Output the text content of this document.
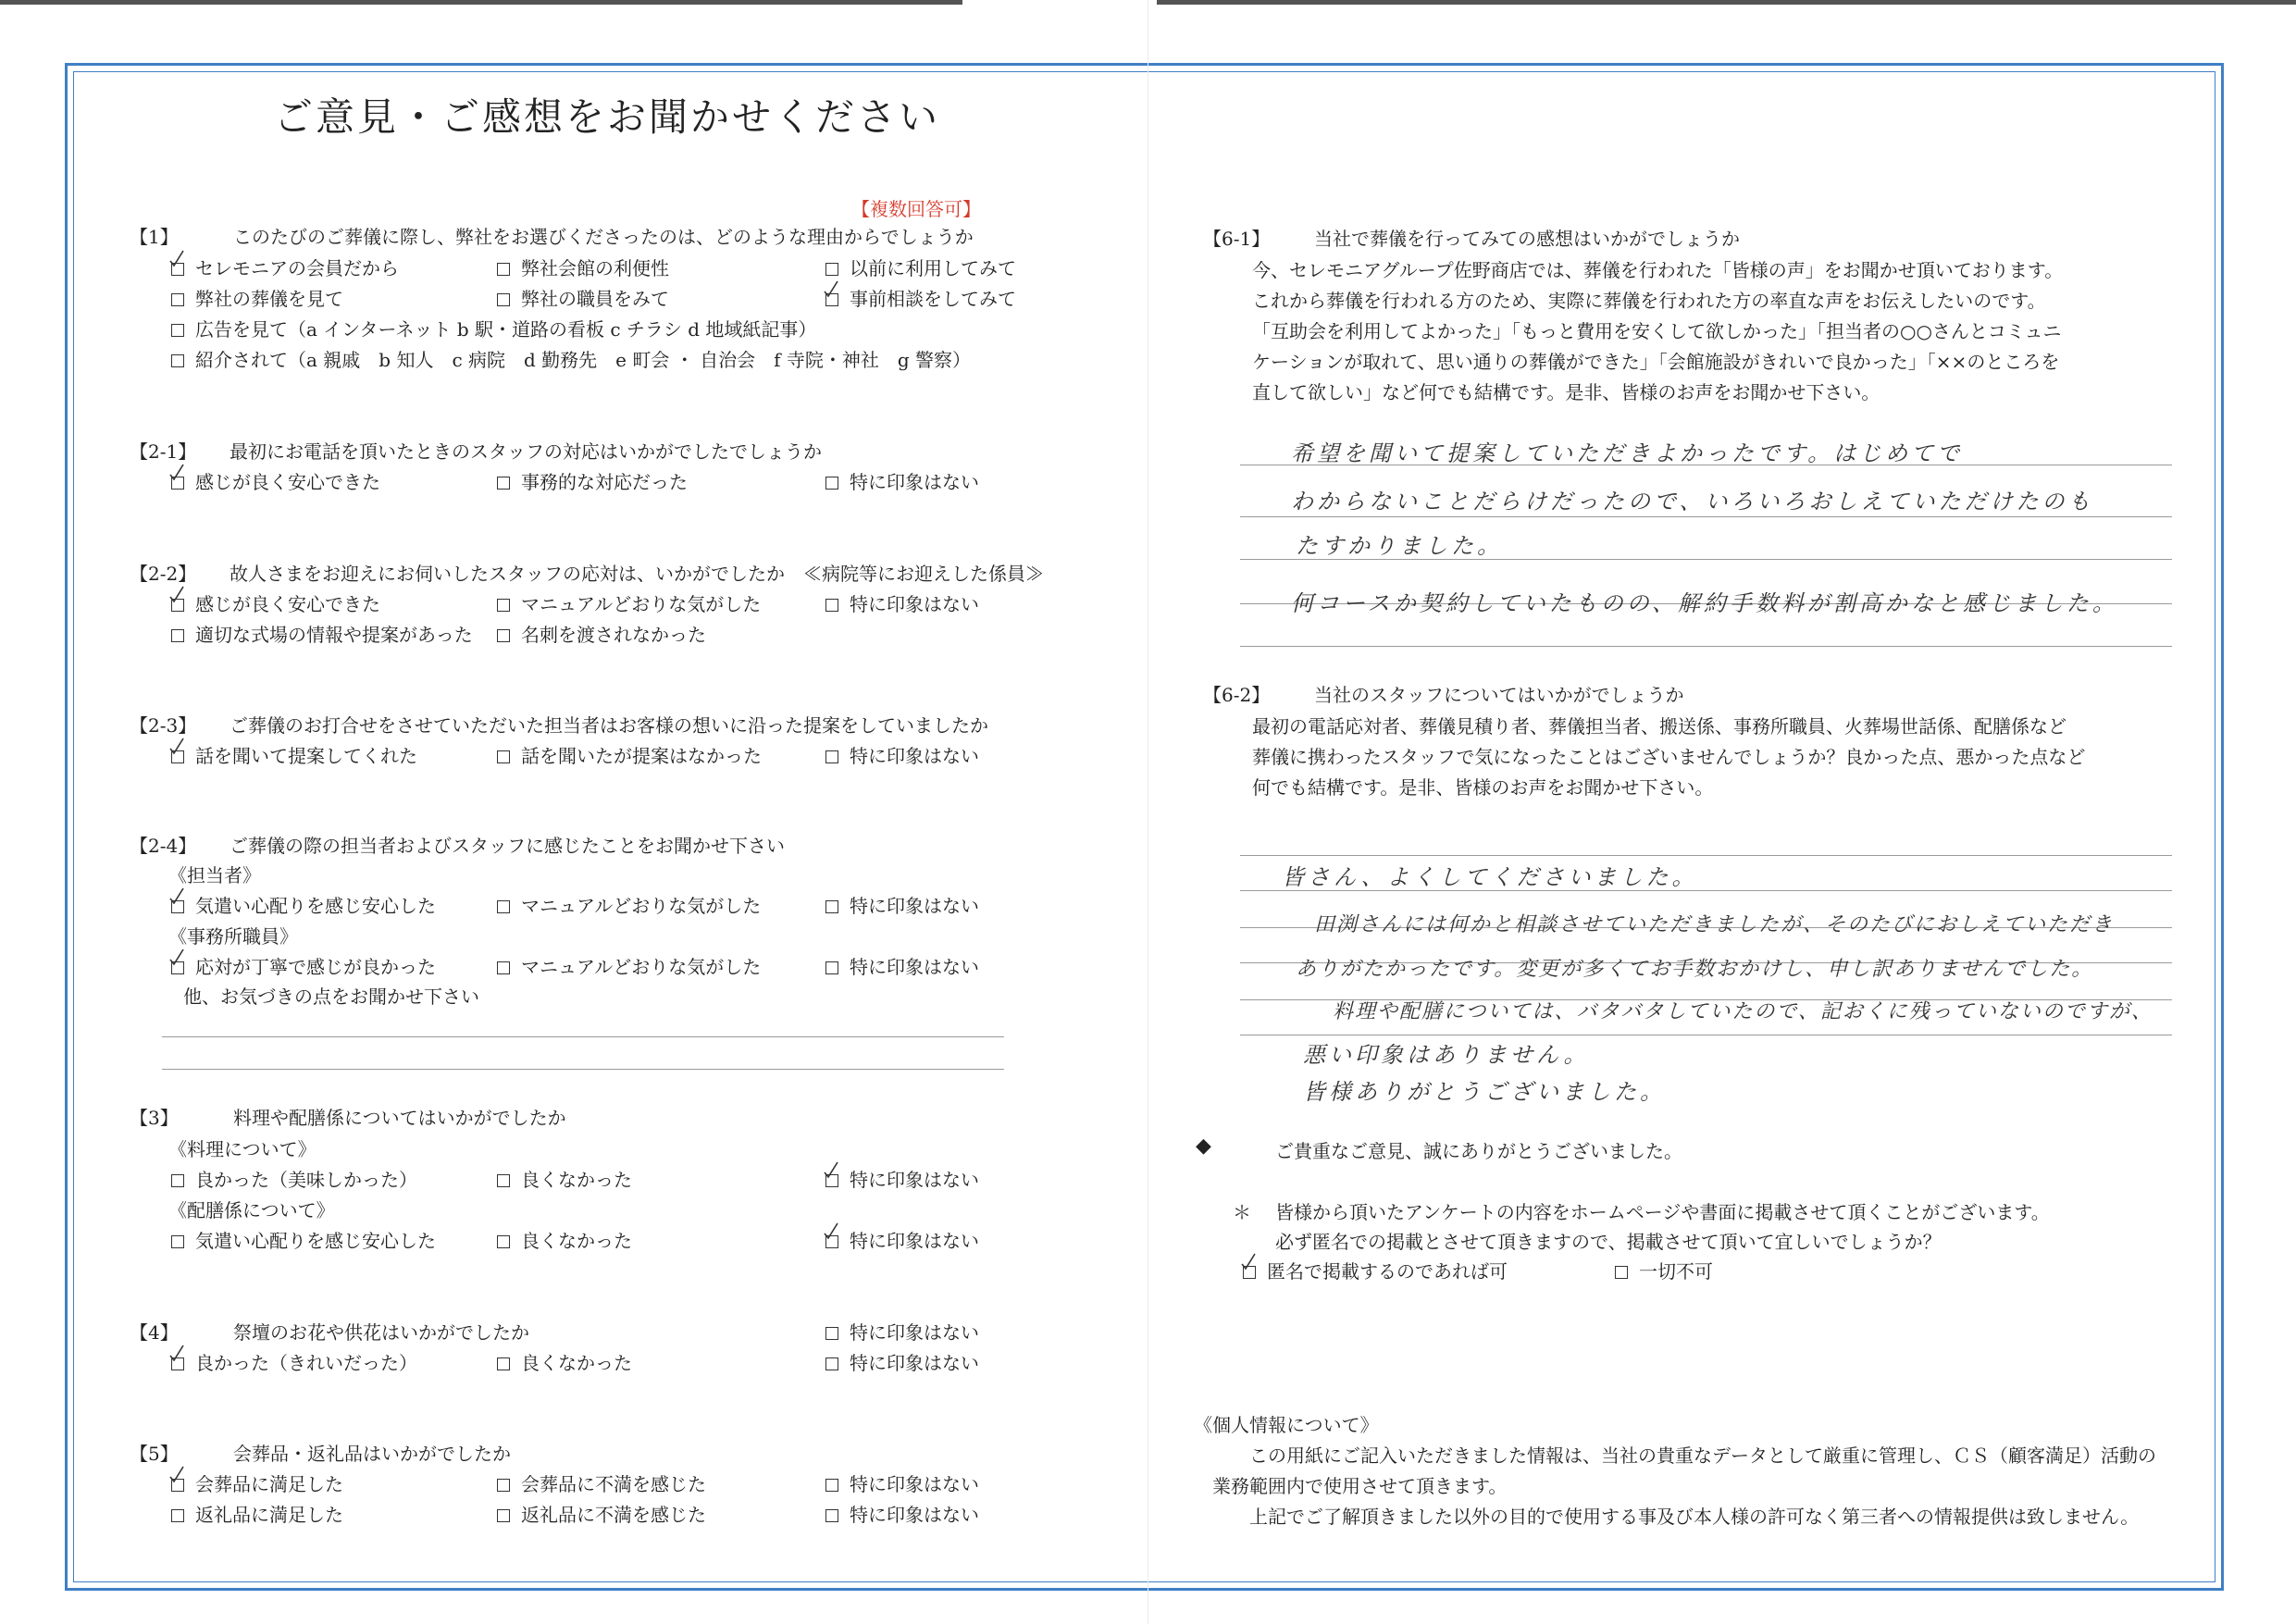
ご意見・ご感想をお聞かせください
【複数回答可】
【1】	このたびのご葬儀に際し、弊社をお選びくださったのは、どのような理由からでしょうか
セレモニアの会員だから	弊社会館の利便性	以前に利用してみて
弊社の葬儀を見て	弊社の職員をみて	事前相談をしてみて
広告を見て（a インターネット b 駅・道路の看板 c チラシ d 地域紙記事）
紹介されて（a 親戚　b 知人　c 病院　d 勤務先　e 町会 ・ 自治会　f 寺院・神社　g 警察）
【2-1】 最初にお電話を頂いたときのスタッフの対応はいかがでしたでしょうか
感じが良く安心できた	事務的な対応だった	特に印象はない
【2-2】 故人さまをお迎えにお伺いしたスタッフの応対は、いかがでしたか　≪病院等にお迎えした係員≫
感じが良く安心できた	マニュアルどおりな気がした	特に印象はない
適切な式場の情報や提案があった	名刺を渡されなかった
【2-3】 ご葬儀のお打合せをさせていただいた担当者はお客様の想いに沿った提案をしていましたか
話を聞いて提案してくれた	話を聞いたが提案はなかった	特に印象はない
【2-4】 ご葬儀の際の担当者およびスタッフに感じたことをお聞かせ下さい
《担当者》
気遣い心配りを感じ安心した	マニュアルどおりな気がした	特に印象はない
《事務所職員》
応対が丁寧で感じが良かった	マニュアルどおりな気がした	特に印象はない
他、お気づきの点をお聞かせ下さい
【3】	料理や配膳係についてはいかがでしたか
《料理について》
良かった（美味しかった）	良くなかった	特に印象はない
《配膳係について》
気遣い心配りを感じ安心した	良くなかった	特に印象はない
【4】	祭壇のお花や供花はいかがでしたか	特に印象はない
良かった（きれいだった）	良くなかった	特に印象はない
【5】	会葬品・返礼品はいかがでしたか
会葬品に満足した	会葬品に不満を感じた	特に印象はない
返礼品に満足した	返礼品に不満を感じた	特に印象はない
【6-1】 当社で葬儀を行ってみての感想はいかがでしょうか
今、セレモニアグループ佐野商店では、葬儀を行われた「皆様の声」をお聞かせ頂いております。
これから葬儀を行われる方のため、実際に葬儀を行われた方の率直な声をお伝えしたいのです。
「互助会を利用してよかった」「もっと費用を安くして欲しかった」「担当者の○○さんとコミュニ
ケーションが取れて、思い通りの葬儀ができた」「会館施設がきれいで良かった」「××のところを
直して欲しい」など何でも結構です。是非、皆様のお声をお聞かせ下さい。
希望を聞いて提案していただきよかったです。はじめてで
わからないことだらけだったので、いろいろおしえていただけたのも
たすかりました。
何コースか契約していたものの、解約手数料が割高かなと感じました。
【6-2】 当社のスタッフについてはいかがでしょうか
最初の電話応対者、葬儀見積り者、葬儀担当者、搬送係、事務所職員、火葬場世話係、配膳係など
葬儀に携わったスタッフで気になったことはございませんでしょうか？良かった点、悪かった点など
何でも結構です。是非、皆様のお声をお聞かせ下さい。
皆さん、よくしてくださいました。
田渕さんには何かと相談させていただきましたが、そのたびにおしえていただき
ありがたかったです。変更が多くてお手数おかけし、申し訳ありませんでした。
料理や配膳については、バタバタしていたので、記おくに残っていないのですが、
悪い印象はありません。
皆様ありがとうございました。
◆	ご貴重なご意見、誠にありがとうございました。
＊ 皆様から頂いたアンケートの内容をホームページや書面に掲載させて頂くことがございます。
必ず匿名での掲載とさせて頂きますので、掲載させて頂いて宜しいでしょうか？
匿名で掲載するのであれば可	一切不可
《個人情報について》
この用紙にご記入いただきました情報は、当社の貴重なデータとして厳重に管理し、ＣＳ（顧客満足）活動の
業務範囲内で使用させて頂きます。
上記でご了解頂きました以外の目的で使用する事及び本人様の許可なく第三者への情報提供は致しません。
